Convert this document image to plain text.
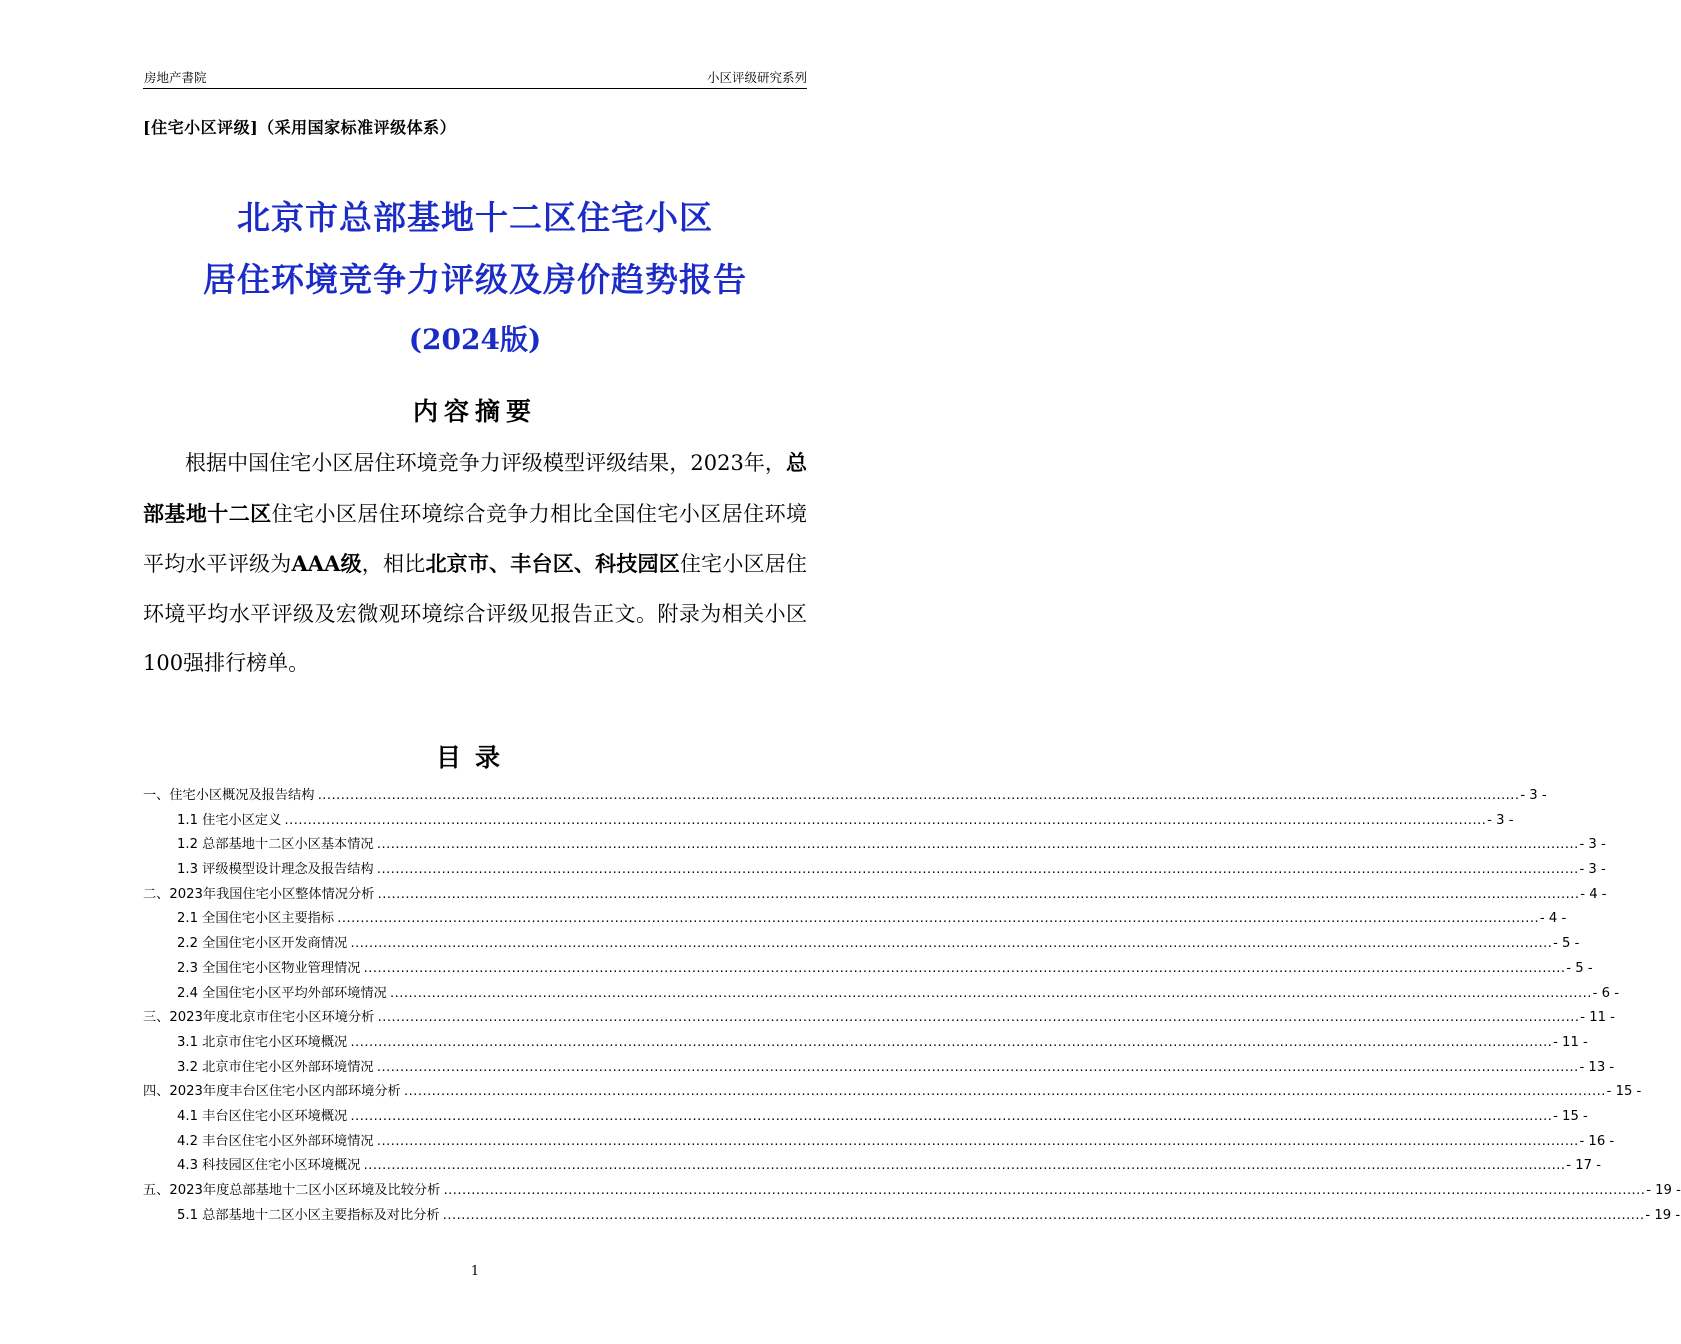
房地产書院	小区评级研究系列
[住宅小区评级]（采用国家标准评级体系）
北京市总部基地十二区住宅小区
居住环境竞争力评级及房价趋势报告
(2024版)
内容摘要
根据中国住宅小区居住环境竞争力评级模型评级结果，2023年，总部基地十二区住宅小区居住环境综合竞争力相比全国住宅小区居住环境平均水平评级为AAA级，相比北京市、丰台区、科技园区住宅小区居住环境平均水平评级及宏微观环境综合评级见报告正文。附录为相关小区100强排行榜单。
目录
一、住宅小区概况及报告结构 .................................................................................................................................................................................................................................................................... - 3 -
1.1 住宅小区定义 .................................................................................................................................................................................................................................................................... - 3 -
1.2 总部基地十二区小区基本情况 .................................................................................................................................................................................................................................................................... - 3 -
1.3 评级模型设计理念及报告结构 .................................................................................................................................................................................................................................................................... - 3 -
二、2023年我国住宅小区整体情况分析 .................................................................................................................................................................................................................................................................... - 4 -
2.1 全国住宅小区主要指标 .................................................................................................................................................................................................................................................................... - 4 -
2.2 全国住宅小区开发商情况 .................................................................................................................................................................................................................................................................... - 5 -
2.3 全国住宅小区物业管理情况 .................................................................................................................................................................................................................................................................... - 5 -
2.4 全国住宅小区平均外部环境情况 .................................................................................................................................................................................................................................................................... - 6 -
三、2023年度北京市住宅小区环境分析 .................................................................................................................................................................................................................................................................... - 11 -
3.1 北京市住宅小区环境概况 .................................................................................................................................................................................................................................................................... - 11 -
3.2 北京市住宅小区外部环境情况 .................................................................................................................................................................................................................................................................... - 13 -
四、2023年度丰台区住宅小区内部环境分析 .................................................................................................................................................................................................................................................................... - 15 -
4.1 丰台区住宅小区环境概况 .................................................................................................................................................................................................................................................................... - 15 -
4.2 丰台区住宅小区外部环境情况 .................................................................................................................................................................................................................................................................... - 16 -
4.3 科技园区住宅小区环境概况 .................................................................................................................................................................................................................................................................... - 17 -
五、2023年度总部基地十二区小区环境及比较分析 .................................................................................................................................................................................................................................................................... - 19 -
5.1 总部基地十二区小区主要指标及对比分析 .................................................................................................................................................................................................................................................................... - 19 -
1
